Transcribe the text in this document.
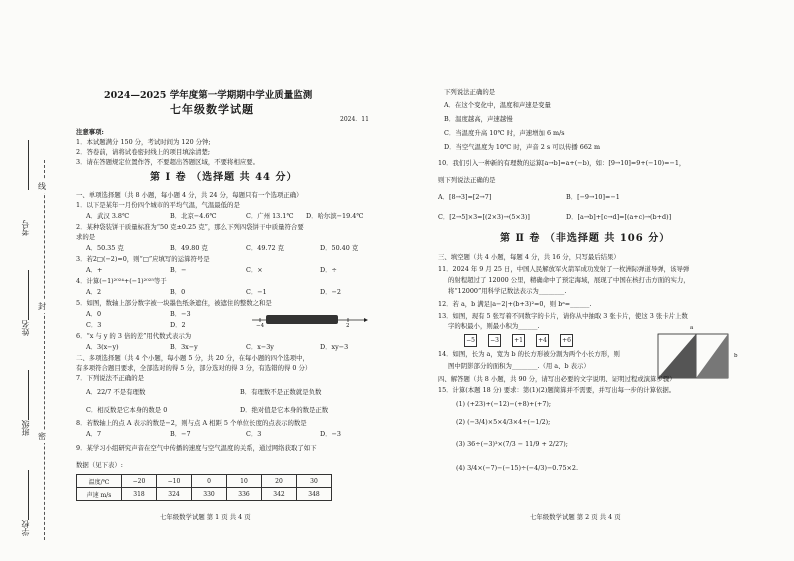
考号
姓名
班级
学校
线
封
密
2024—2025 学年度第一学期期中学业质量监测
七年级数学试题
2024．11
注意事项:
1．本试题满分 150 分，考试时间为 120 分钟;
2．答卷前，请将试卷密封线上的项目填涂清楚;
3．请在答题规定位置作答，不要超出答题区域，不要将相应要。
第 Ⅰ 卷 （选择题 共 44 分）
一、单项选择题（共 8 小题，每小题 4 分，共 24 分，每题只有一个选项正确）
1．以下是某年一月份四个城市的平均气温，气温最低的是
A．武汉 3.8℃	B．北京−4.6℃	C．广州 13.1℃ D．哈尔滨−19.4℃
2．某种袋装饼干质量标准为“50 克±0.25 克”，那么下列四袋饼干中质量符合要
求的是
A．50.35 克	B．49.80 克	C．49.72 克	D．50.40 克
3．若2□(−2)=0，则“□”应填写的运算符号是
A．+	B．−	C．×	D．÷
4．计算(−1)²⁰²⁴+(−1)²⁰²⁵等于
A．2	B．0	C．−1	D．−2
5．如图，数轴上部分数字被一块墨色纸条遮住，被遮住的整数之和是
A．0	B．−3
C．3	D．2	−4	2
6．“x 与 y 的 3 倍的差”用代数式表示为
A．3(x−y)	B．3x−y	C．x−3y	D．xy−3
二、多项选择题（共 4 个小题，每小题 5 分，共 20 分，在每小题的四个选项中，
有多项符合题目要求，全部选对的得 5 分，部分选对的得 3 分，有选错的得 0 分）
7．下列说法不正确的是
A．22/7 不是有理数	B．有理数不是正数就是负数
C．相反数是它本身的数是 0	D．绝对值是它本身的数是正数
8．若数轴上的点 A 表示的数是−2，则与点 A 相距 5 个单位长度的点表示的数是
A．7	B．−7	C．3	D．−3
9．某学习小组研究声音在空气中传播的速度与空气温度的关系，通过网络获取了如下
数据（见下表）:
温度/℃	−20	−10	0	10	20	30
声速 m/s	318	324	330	336	342	348
七年级数学试题 第 1 页 共 4 页
下列说法正确的是
A．在这个变化中，温度和声速是变量
B．温度越高，声速越慢
C．当温度升高 10℃ 时，声速增加 6 m/s
D．当空气温度为 10℃ 时，声音 2 s 可以传播 662 m
10．我们引入一种新的有理数的运算[a→b]=a+(−b)，如：[9→10]=9+(−10)=−1，
则下列说法正确的是
A．[8→3]=[2→7]	B．[−9→10]=−1
C．[2→5]×3=[(2×3)→(5×3)]	D．[a→b]+[c→d]=[(a+c)→(b+d)]
第 Ⅱ 卷 （非选择题 共 106 分）
三、填空题（共 4 小题，每题 4 分，共 16 分，只写最后结果）
11．2024 年 9 月 25 日，中国人民解放军火箭军成功发射了一枚洲际弹道导弹，该导弹
的射程超过了 12000 公里，精确命中了预定海域，展现了中国在核打击方面的实力，
将“12000”用科学记数法表示为________.
12．若 a，b 满足|a−2|+(b+3)²=0，则 bᵃ=______.
13．如图，现有 5 张写着不同数字的卡片，请你从中抽取 3 张卡片，使这 3 张卡片上数
字的积最小，则最小积为______.
−5	−3	+1	+4	+6
a
b
14．如图，长为 a，宽为 b 的长方形被分割为两个小长方形，则
图中阴影部分的面积为________.（用 a、b 表示）
四、解答题（共 8 小题，共 90 分，请写出必要的文字说明、证明过程或演算步骤）
15．计算(本题 18 分) 要求：第(1)(2)题简算并不需要，并写出每一步的计算依据。
(1) (+23)+(−12)−(+8)+(+7);
(2) (−3/4)×5×4/3×4÷(−1/2);
(3) 36÷(−3)³×(7/3 − 11/9 + 2/27);
(4) 3/4×(−7)−(−15)÷(−4/3)−0.75×2.
七年级数学试题 第 2 页 共 4 页
